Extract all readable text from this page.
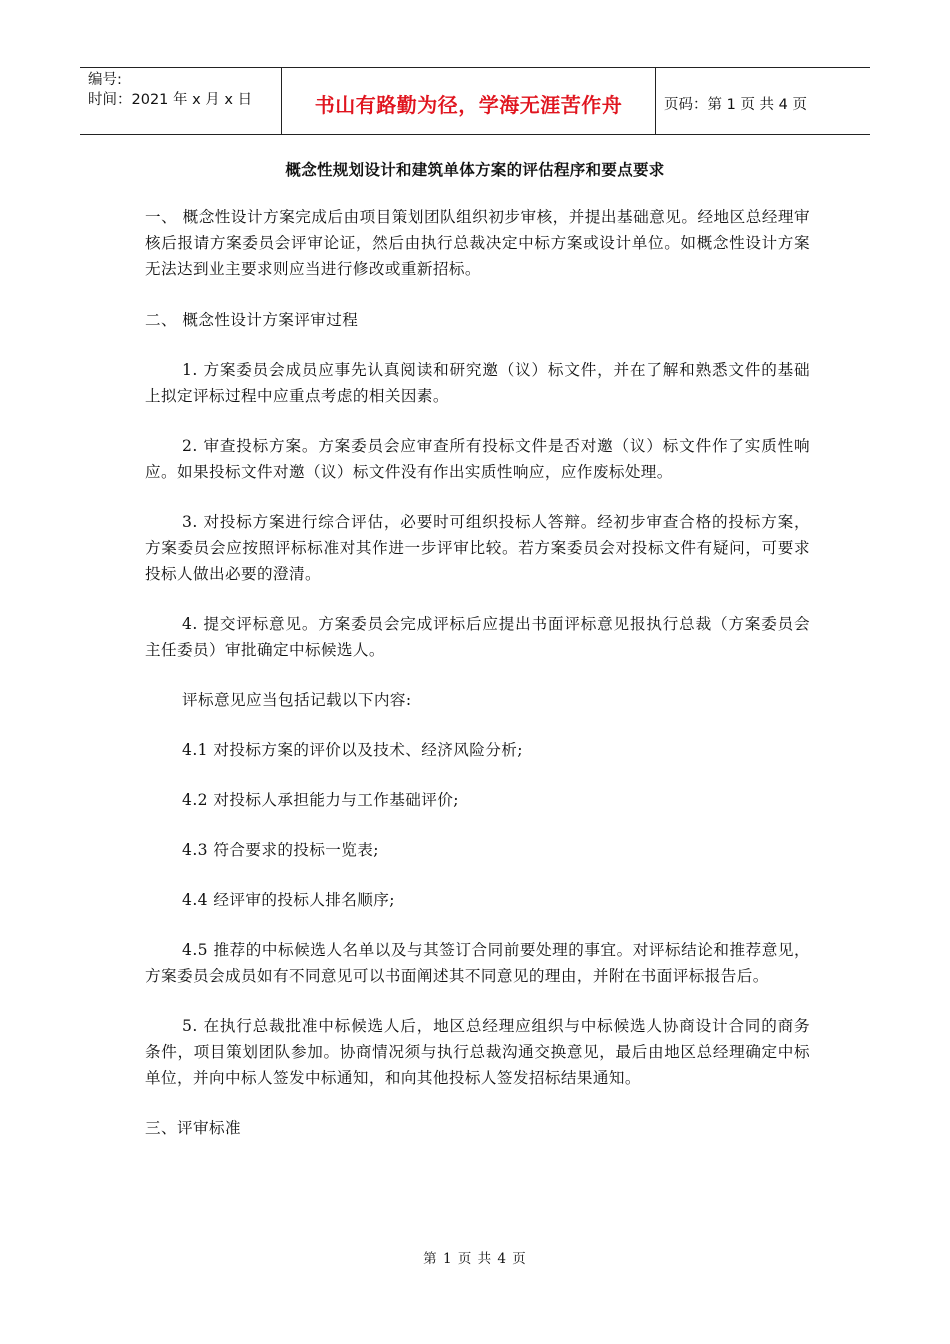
编号:
时间：2021 年 x 月 x 日	书山有路勤为径，学海无涯苦作舟	页码：第 1 页 共 4 页
概念性规划设计和建筑单体方案的评估程序和要点要求

一、 概念性设计方案完成后由项目策划团队组织初步审核，并提出基础意见。经地区总经理审核后报请方案委员会评审论证，然后由执行总裁决定中标方案或设计单位。如概念性设计方案无法达到业主要求则应当进行修改或重新招标。

二、 概念性设计方案评审过程

1. 方案委员会成员应事先认真阅读和研究邀（议）标文件，并在了解和熟悉文件的基础上拟定评标过程中应重点考虑的相关因素。

2. 审查投标方案。方案委员会应审查所有投标文件是否对邀（议）标文件作了实质性响应。如果投标文件对邀（议）标文件没有作出实质性响应，应作废标处理。

3. 对投标方案进行综合评估，必要时可组织投标人答辩。经初步审查合格的投标方案，方案委员会应按照评标标准对其作进一步评审比较。若方案委员会对投标文件有疑问，可要求投标人做出必要的澄清。

4. 提交评标意见。方案委员会完成评标后应提出书面评标意见报执行总裁（方案委员会主任委员）审批确定中标候选人。

评标意见应当包括记载以下内容:

4.1 对投标方案的评价以及技术、经济风险分析;

4.2 对投标人承担能力与工作基础评价;

4.3 符合要求的投标一览表;

4.4 经评审的投标人排名顺序;

4.5 推荐的中标候选人名单以及与其签订合同前要处理的事宜。对评标结论和推荐意见，方案委员会成员如有不同意见可以书面阐述其不同意见的理由，并附在书面评标报告后。

5. 在执行总裁批准中标候选人后，地区总经理应组织与中标候选人协商设计合同的商务条件，项目策划团队参加。协商情况须与执行总裁沟通交换意见，最后由地区总经理确定中标单位，并向中标人签发中标通知，和向其他投标人签发招标结果通知。

三、评审标准

第 1 页 共 4 页
